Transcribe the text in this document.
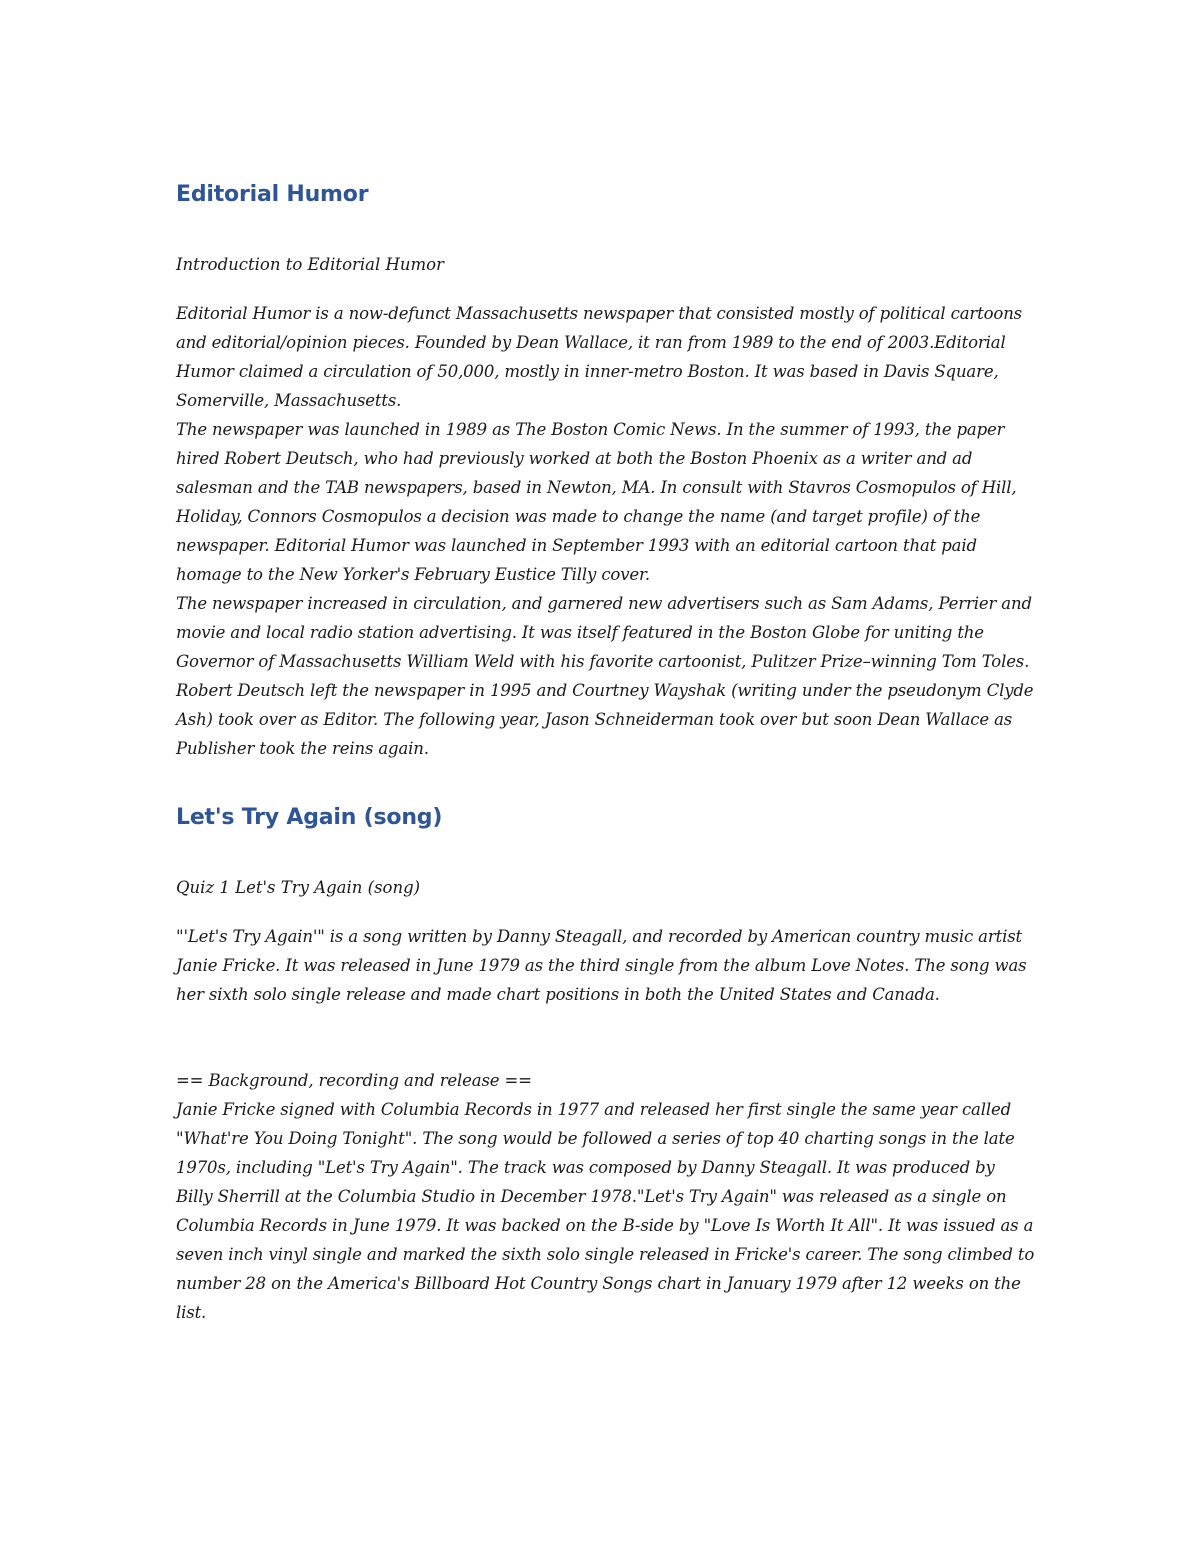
Editorial Humor

Introduction to Editorial Humor

Editorial Humor is a now-defunct Massachusetts newspaper that consisted mostly of political cartoons and editorial/opinion pieces. Founded by Dean Wallace, it ran from 1989 to the end of 2003.Editorial Humor claimed a circulation of 50,000, mostly in inner-metro Boston. It was based in Davis Square, Somerville, Massachusetts.

The newspaper was launched in 1989 as The Boston Comic News. In the summer of 1993, the paper hired Robert Deutsch, who had previously worked at both the Boston Phoenix as a writer and ad salesman and the TAB newspapers, based in Newton, MA. In consult with Stavros Cosmopulos of Hill, Holiday, Connors Cosmopulos a decision was made to change the name (and target profile) of the newspaper. Editorial Humor was launched in September 1993 with an editorial cartoon that paid homage to the New Yorker's February Eustice Tilly cover.

The newspaper increased in circulation, and garnered new advertisers such as Sam Adams, Perrier and movie and local radio station advertising. It was itself featured in the Boston Globe for uniting the Governor of Massachusetts William Weld with his favorite cartoonist, Pulitzer Prize–winning Tom Toles.

Robert Deutsch left the newspaper in 1995 and Courtney Wayshak (writing under the pseudonym Clyde Ash) took over as Editor. The following year, Jason Schneiderman took over but soon Dean Wallace as Publisher took the reins again.

Let's Try Again (song)

Quiz 1 Let's Try Again (song)

"'Let's Try Again'" is a song written by Danny Steagall, and recorded by American country music artist Janie Fricke. It was released in June 1979 as the third single from the album Love Notes. The song was her sixth solo single release and made chart positions in both the United States and Canada.

== Background, recording and release ==

Janie Fricke signed with Columbia Records in 1977 and released her first single the same year called "What're You Doing Tonight". The song would be followed a series of top 40 charting songs in the late 1970s, including "Let's Try Again". The track was composed by Danny Steagall. It was produced by Billy Sherrill at the Columbia Studio in December 1978."Let's Try Again" was released as a single on Columbia Records in June 1979. It was backed on the B-side by "Love Is Worth It All". It was issued as a seven inch vinyl single and marked the sixth solo single released in Fricke's career. The song climbed to number 28 on the America's Billboard Hot Country Songs chart in January 1979 after 12 weeks on the list.
